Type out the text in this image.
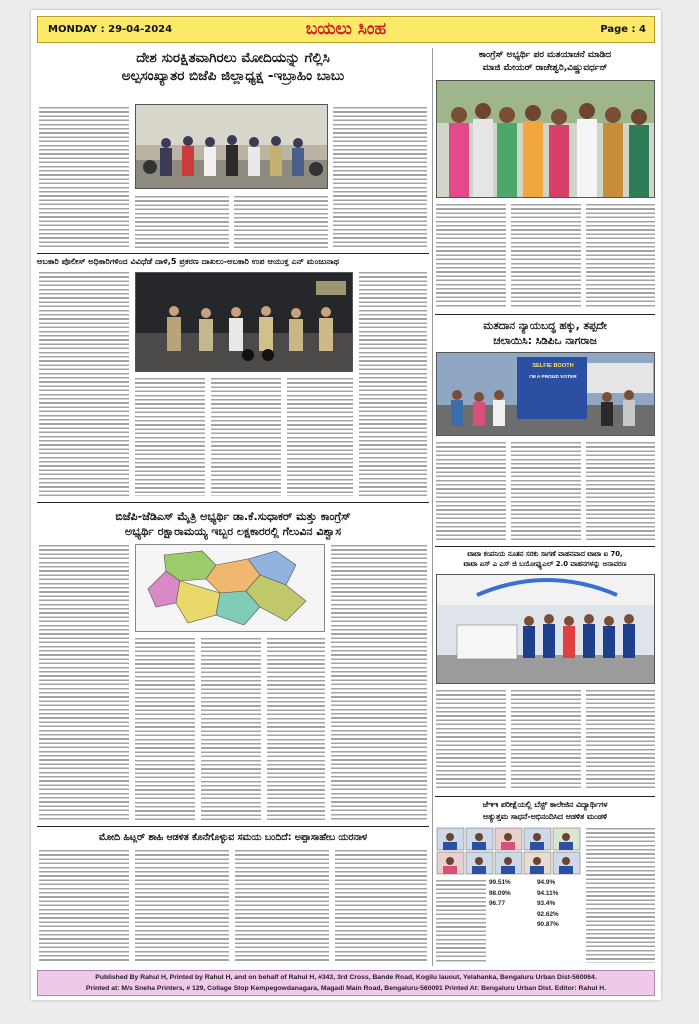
MONDAY : 29-04-2024	ಬಯಲು ಸಿಂಹ	Page : 4
ದೇಶ ಸುರಕ್ಷಿತವಾಗಿರಲು ಮೋದಿಯನ್ನು ಗೆಲ್ಲಿಸಿ
ಅಲ್ಪಸಂಖ್ಯಾತರ ಬಿಜೆಪಿ ಜಿಲ್ಲಾಧ್ಯಕ್ಷ -ಇಬ್ರಾಹಿಂ ಬಾಬು
ಅಬಕಾರಿ ಪೊಲೀಸ್ ಅಧಿಕಾರಿಗಳಿಂದ ವಿವಿಧೆಡೆ ದಾಳಿ,5 ಪ್ರಕರಣ ದಾಖಲು-ಅಬಕಾರಿ ಉಪ ಆಯುಕ್ತ ಎನ್ ಮಂಜುನಾಥ
ಬಿಜೆಪಿ-ಜೆಡಿಎಸ್ ಮೈತ್ರಿ ಅಭ್ಯರ್ಥಿ ಡಾ.ಕೆ.ಸುಧಾಕರ್ ಮತ್ತು ಕಾಂಗ್ರೆಸ್
ಅಭ್ಯರ್ಥಿ ರಕ್ಷಾರಾಮಯ್ಯ ಇಬ್ಬರ ಲಕ್ಷಕಾರರಲ್ಲಿ ಗೆಲುವಿನ ವಿಶ್ವಾಸ
ಮೋದಿ ಹಿಟ್ಲರ್ ಶಾಹಿ ಆಡಳಿತ ಕೊನೆಗೊಳ್ಳುವ ಸಮಯ ಬಂದಿದೆ: ಅಪ್ಪಾಸಾಹೇಬ ಯರನಾಳ
ಕಾಂಗ್ರೆಸ್ ಅಭ್ಯರ್ಥಿ ಪರ ಮತಯಾಚನೆ ಮಾಡಿದ
ಮಾಜಿ ಮೇಯರ್ ರಾಜೇಶ್ವರಿ,ವಿಷ್ಣುವರ್ಧನ್
ಮತದಾನ ನ್ಯಾಯಬದ್ಧ ಹಕ್ಕು, ತಪ್ಪದೇ
ಚಲಾಯಿಸಿ: ಸಿಡಿಪಿಒ ನಾಗರಾಜ
SELFIE BOOTH
I'M A PROUD VOTER
ಟಾಟಾ ಕಂಪನಿಯ ನೂತನ ಸರಕು ಸಾಗಣೆ ವಾಹನವಾದ ಟಾಟಾ ಐ 70,
ಟಾಟಾ ಏಸ್ ಎ ಎಸ್ ಜಿ ಬಯೋಫ್ಯುಎಲ್ 2.0 ವಾಹನಗಳನ್ನು ಅನಾವರಣ
ಜೆಇಇ ಪರೀಕ್ಷೆಯಲ್ಲಿ ಬೆಸ್ಟ್ ಕಾಲೇಜಿನ ವಿದ್ಯಾರ್ಥಿಗಳ
ಅತ್ಯುತ್ತಮ ಸಾಧನೆ-ಅಭಿನಂದಿಸಿದ ಆಡಳಿತ ಮಂಡಳಿ
99.51%	94.9%
98.09%	94.11%
96.77	93.4%
92.62%
90.87%
Published By Rahul H, Printed by Rahul H, and on behalf of Rahul H, #343, 3rd Cross, Bande Road, Kogilu lauout, Yelahanka, Bengaluru Urban Dist-560064.
Printed at: M/s Sneha Printers, # 129, Collage Stop Kempegowdanagara, Magadi Main Road, Bengaluru-560091 Printed At: Bengaluru Urban Dist. Editor: Rahul H.
